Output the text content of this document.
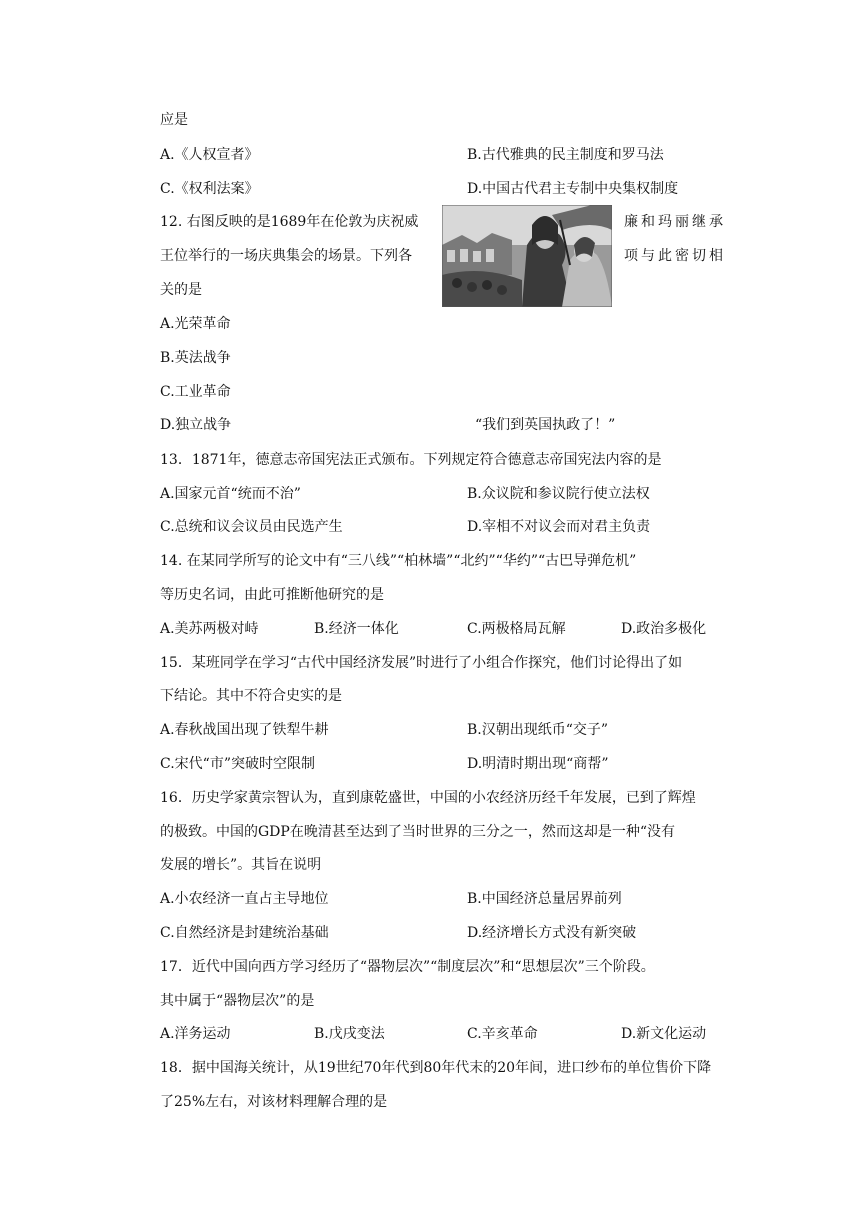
应是
A.《人权宣者》	B.古代雅典的民主制度和罗马法
C.《权利法案》	D.中国古代君主专制中央集权制度
12. 右图反映的是1689年在伦敦为庆祝威	廉和玛丽继承
王位举行的一场庆典集会的场景。下列各	项与此密切相
关的是
A.光荣革命
B.英法战争
C.工业革命
D.独立战争	“我们到英国执政了！”
13．1871年，德意志帝国宪法正式颁布。下列规定符合德意志帝国宪法内容的是
A.国家元首“统而不治”	B.众议院和参议院行使立法权
C.总统和议会议员由民选产生	D.宰相不对议会而对君主负责
14. 在某同学所写的论文中有“三八线”“柏林墙”“北约”“华约”“古巴导弹危机”
等历史名词，由此可推断他研究的是
A.美苏两极对峙	B.经济一体化	C.两极格局瓦解	D.政治多极化
15．某班同学在学习“古代中国经济发展”时进行了小组合作探究，他们讨论得出了如
下结论。其中不符合史实的是
A.春秋战国出现了铁犁牛耕	B.汉朝出现纸币“交子”
C.宋代“市”突破时空限制	D.明清时期出现“商帮”
16．历史学家黄宗智认为，直到康乾盛世，中国的小农经济历经千年发展，已到了辉煌
的极致。中国的GDP在晚清甚至达到了当时世界的三分之一，然而这却是一种“没有
发展的增长”。其旨在说明
A.小农经济一直占主导地位	B.中国经济总量居界前列
C.自然经济是封建统治基础	D.经济增长方式没有新突破
17．近代中国向西方学习经历了“器物层次”“制度层次”和“思想层次”三个阶段。
其中属于“器物层次”的是
A.洋务运动	B.戊戌变法	C.辛亥革命	D.新文化运动
18．据中国海关统计，从19世纪70年代到80年代末的20年间，进口纱布的单位售价下降
了25%左右，对该材料理解合理的是
